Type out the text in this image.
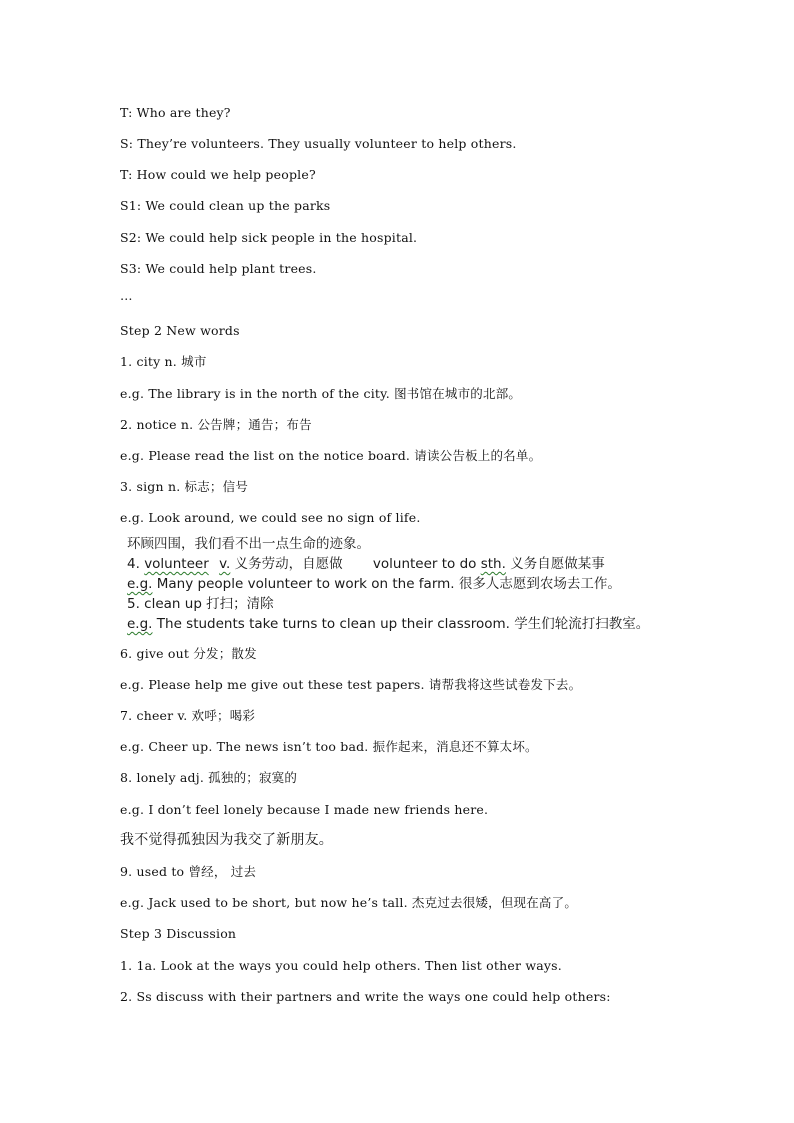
T: Who are they?
S: They’re volunteers. They usually volunteer to help others.
T: How could we help people?
S1: We could clean up the parks
S2: We could help sick people in the hospital.
S3: We could help plant trees.
…
Step 2 New words
1. city n. 城市
e.g. The library is in the north of the city. 图书馆在城市的北部。
2. notice n. 公告牌；通告；布告
e.g. Please read the list on the notice board. 请读公告板上的名单。
3. sign n. 标志；信号
e.g. Look around, we could see no sign of life.
环顾四围，我们看不出一点生命的迹象。
4. volunteer v. 义务劳动，自愿做 volunteer to do sth. 义务自愿做某事
e.g. Many people volunteer to work on the farm. 很多人志愿到农场去工作。
5. clean up 打扫；清除
e.g. The students take turns to clean up their classroom. 学生们轮流打扫教室。
6. give out 分发；散发
e.g. Please help me give out these test papers. 请帮我将这些试卷发下去。
7. cheer v. 欢呼；喝彩
e.g. Cheer up. The news isn’t too bad. 振作起来，消息还不算太坏。
8. lonely adj. 孤独的；寂寞的
e.g. I don’t feel lonely because I made new friends here.
我不觉得孤独因为我交了新朋友。
9. used to 曾经， 过去
e.g. Jack used to be short, but now he’s tall. 杰克过去很矮，但现在高了。
Step 3 Discussion
1. 1a. Look at the ways you could help others. Then list other ways.
2. Ss discuss with their partners and write the ways one could help others:
